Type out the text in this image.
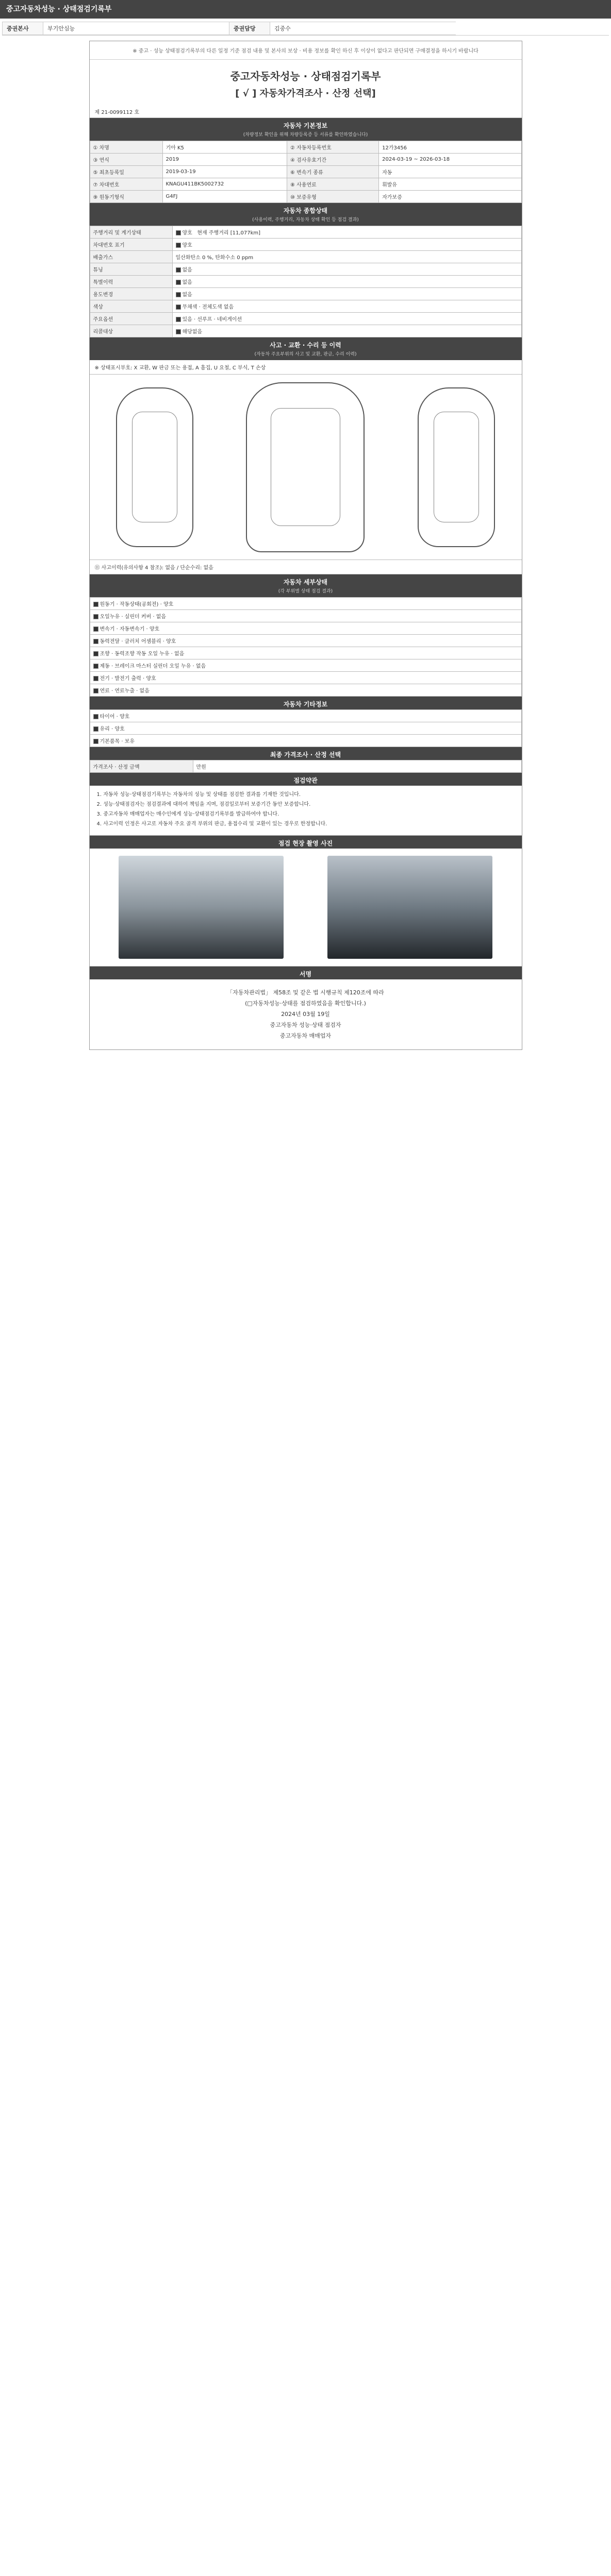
중고자동차성능 · 상태점검기록부
중권본사	부기안심능	중권담당	김중수
※ 중고 · 성능 상태점검기록부의 다른 일정 기준 점검 내용 및 본사의 보상 · 비용 정보를 확인 하신 후 이상이 없다고 판단되면 구매결정을 하시기 바랍니다
중고자동차성능 · 상태점검기록부
[ √ ] 자동차가격조사 · 산정 선택]
제 21-0099112 호
자동차 기본정보
(차량정보 확인을 위해 차량등록증 등 서류를 확인하였습니다)
① 차명	기아 K5	② 자동차등록번호	12가3456
③ 연식	2019	④ 검사유효기간	2024-03-19 ~ 2026-03-18
⑤ 최초등록일	2019-03-19	⑥ 변속기 종류	자동
⑦ 차대번호	KNAGU411BK5002732	⑧ 사용연료	휘발유
⑨ 원동기형식	G4FJ	⑩ 보증유형	자가보증
자동차 종합상태
(사용이력, 주행거리, 자동차 상태 확인 등 점검 결과)
주행거리 및 계기상태	양호 현재 주행거리 [11,077km]
차대번호 표기	양호
배출가스	일산화탄소 0 %, 탄화수소 0 ppm
튜닝	없음
특별이력	없음
용도변경	없음
색상	무채색 · 전체도색 없음
주요옵션	있음 · 선루프 · 네비게이션
리콜대상	해당없음
사고 · 교환 · 수리 등 이력
(자동차 주요부위의 사고 및 교환, 판금, 수리 이력)
※ 상태표시부호: X 교환, W 판금 또는 용접, A 흠집, U 요철, C 부식, T 손상
⑪ 사고이력(유의사항 4 참조): 없음 / 단순수리: 없음
자동차 세부상태
(각 부위별 상태 점검 결과)
원동기 · 작동상태(공회전) · 양호
오일누유 · 실린더 커버 · 없음
변속기 · 자동변속기 · 양호
동력전달 · 클러치 어셈블리 · 양호
조향 · 동력조향 작동 오일 누유 · 없음
제동 · 브레이크 마스터 실린더 오일 누유 · 없음
전기 · 발전기 출력 · 양호
연료 · 연료누출 · 없음
자동차 기타정보
타이어 · 양호
유리 · 양호
기본품목 · 보유
최종 가격조사 · 산정 선택
가격조사 · 산정 금액	만원
점검약관

1. 자동차 성능·상태점검기록부는 자동차의 성능 및 상태를 점검한 결과를 기재한 것입니다.

2. 성능·상태점검자는 점검결과에 대하여 책임을 지며, 점검일로부터 보증기간 동안 보증합니다.

3. 중고자동차 매매업자는 매수인에게 성능·상태점검기록부를 발급하여야 합니다.

4. 사고이력 인정은 사고로 자동차 주요 골격 부위의 판금, 용접수리 및 교환이 있는 경우로 한정합니다.

점검 현장 촬영 사진
서명
「자동차관리법」 제58조 및 같은 법 시행규칙 제120조에 따라
(□자동차성능·상태를 점검하였음을 확인합니다.)
2024년 03월 19일
중고자동차 성능·상태 점검자
중고자동차 매매업자
